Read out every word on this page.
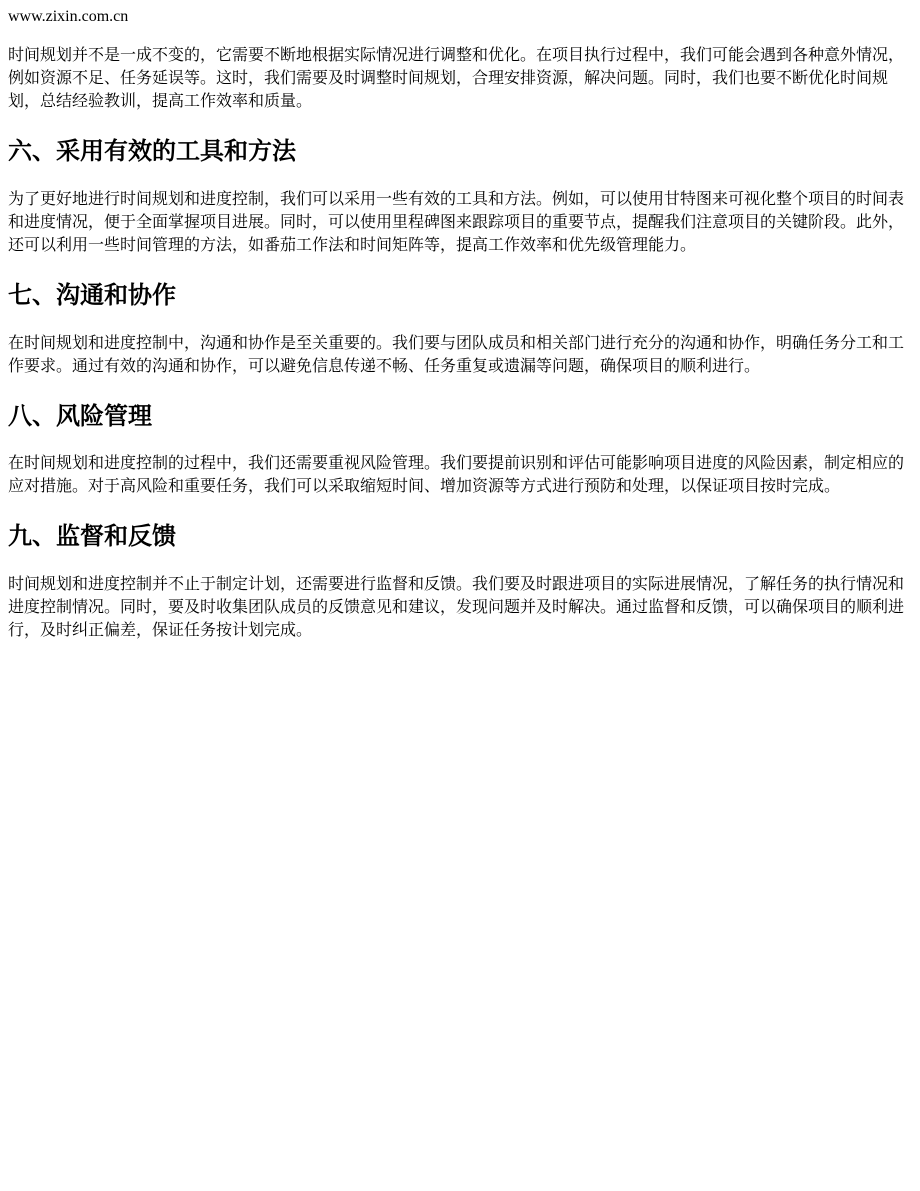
www.zixin.com.cn

时间规划并不是一成不变的，它需要不断地根据实际情况进行调整和优化。在项目执行过程中，我们可能会遇到各种意外情况，例如资源不足、任务延误等。这时，我们需要及时调整时间规划，合理安排资源，解决问题。同时，我们也要不断优化时间规划，总结经验教训，提高工作效率和质量。

六、采用有效的工具和方法

为了更好地进行时间规划和进度控制，我们可以采用一些有效的工具和方法。例如，可以使用甘特图来可视化整个项目的时间表和进度情况，便于全面掌握项目进展。同时，可以使用里程碑图来跟踪项目的重要节点，提醒我们注意项目的关键阶段。此外，还可以利用一些时间管理的方法，如番茄工作法和时间矩阵等，提高工作效率和优先级管理能力。

七、沟通和协作

在时间规划和进度控制中，沟通和协作是至关重要的。我们要与团队成员和相关部门进行充分的沟通和协作，明确任务分工和工作要求。通过有效的沟通和协作，可以避免信息传递不畅、任务重复或遗漏等问题，确保项目的顺利进行。

八、风险管理

在时间规划和进度控制的过程中，我们还需要重视风险管理。我们要提前识别和评估可能影响项目进度的风险因素，制定相应的应对措施。对于高风险和重要任务，我们可以采取缩短时间、增加资源等方式进行预防和处理，以保证项目按时完成。

九、监督和反馈

时间规划和进度控制并不止于制定计划，还需要进行监督和反馈。我们要及时跟进项目的实际进展情况，了解任务的执行情况和进度控制情况。同时，要及时收集团队成员的反馈意见和建议，发现问题并及时解决。通过监督和反馈，可以确保项目的顺利进行，及时纠正偏差，保证任务按计划完成。
